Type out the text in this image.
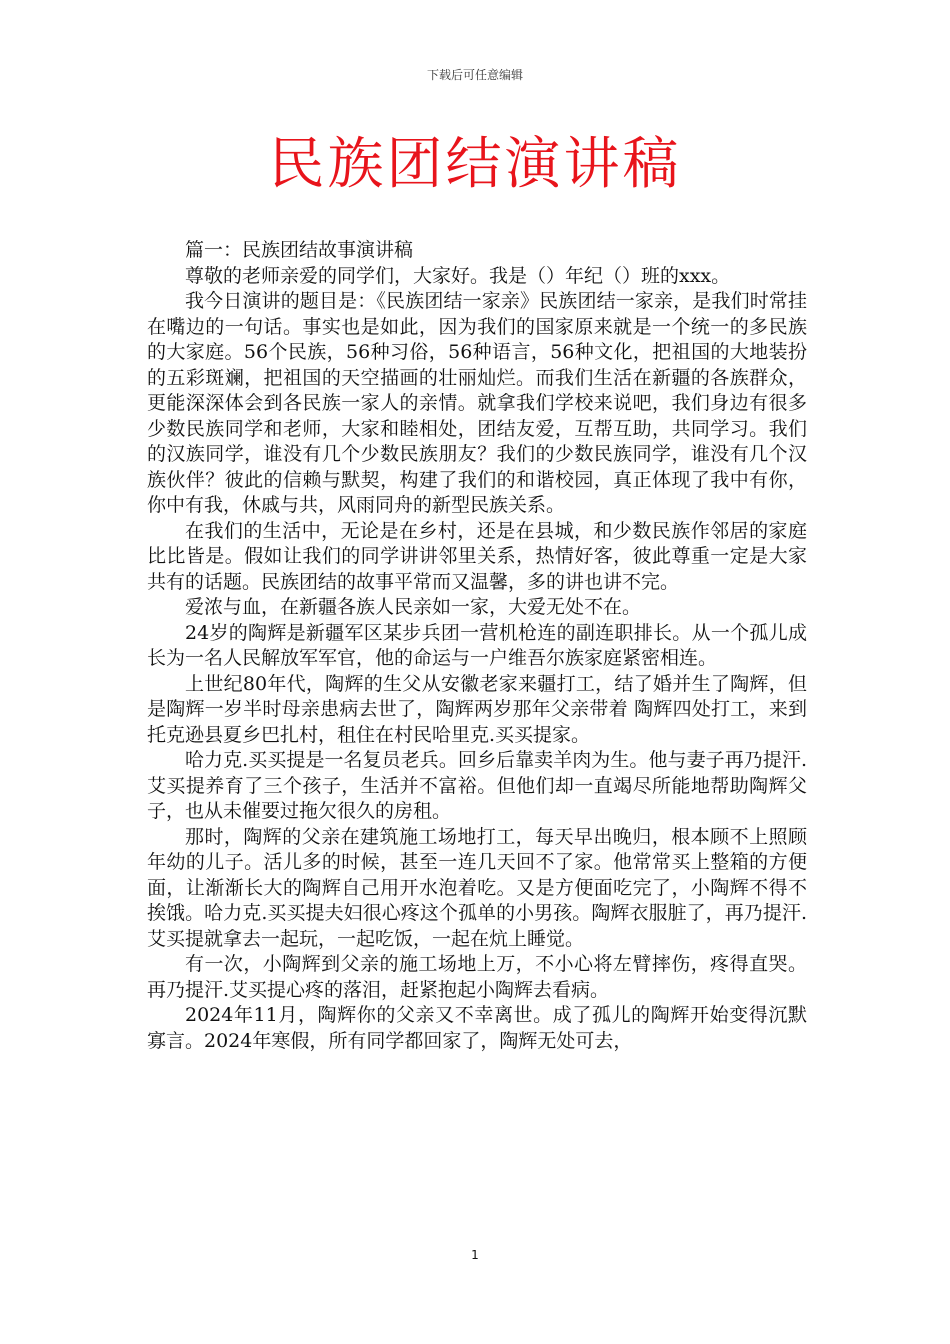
下载后可任意编辑
民族团结演讲稿

篇一：民族团结故事演讲稿

尊敬的老师亲爱的同学们，大家好。我是（）年纪（）班的xxx。

我今日演讲的题目是：《民族团结一家亲》民族团结一家亲，是我们时常挂在嘴边的一句话。事实也是如此，因为我们的国家原来就是一个统一的多民族的大家庭。56个民族，56种习俗，56种语言，56种文化，把祖国的大地装扮的五彩斑斓，把祖国的天空描画的壮丽灿烂。而我们生活在新疆的各族群众，更能深深体会到各民族一家人的亲情。就拿我们学校来说吧，我们身边有很多少数民族同学和老师，大家和睦相处，团结友爱，互帮互助，共同学习。我们的汉族同学，谁没有几个少数民族朋友？我们的少数民族同学，谁没有几个汉族伙伴？彼此的信赖与默契，构建了我们的和谐校园，真正体现了我中有你，你中有我，休戚与共，风雨同舟的新型民族关系。

在我们的生活中，无论是在乡村，还是在县城，和少数民族作邻居的家庭比比皆是。假如让我们的同学讲讲邻里关系，热情好客，彼此尊重一定是大家共有的话题。民族团结的故事平常而又温馨，多的讲也讲不完。

爱浓与血，在新疆各族人民亲如一家，大爱无处不在。

24岁的陶辉是新疆军区某步兵团一营机枪连的副连职排长。从一个孤儿成长为一名人民解放军军官，他的命运与一户维吾尔族家庭紧密相连。

上世纪80年代，陶辉的生父从安徽老家来疆打工，结了婚并生了陶辉，但是陶辉一岁半时母亲患病去世了，陶辉两岁那年父亲带着 陶辉四处打工，来到托克逊县夏乡巴扎村，租住在村民哈里克.买买提家。

哈力克.买买提是一名复员老兵。回乡后靠卖羊肉为生。他与妻子再乃提汗.艾买提养育了三个孩子，生活并不富裕。但他们却一直竭尽所能地帮助陶辉父子，也从未催要过拖欠很久的房租。

那时，陶辉的父亲在建筑施工场地打工，每天早出晚归，根本顾不上照顾年幼的儿子。活儿多的时候，甚至一连几天回不了家。他常常买上整箱的方便面，让渐渐长大的陶辉自己用开水泡着吃。又是方便面吃完了，小陶辉不得不挨饿。哈力克.买买提夫妇很心疼这个孤单的小男孩。陶辉衣服脏了，再乃提汗.艾买提就拿去一起玩，一起吃饭，一起在炕上睡觉。

有一次，小陶辉到父亲的施工场地上万，不小心将左臂摔伤，疼得直哭。再乃提汗.艾买提心疼的落泪，赶紧抱起小陶辉去看病。

2024年11月，陶辉你的父亲又不幸离世。成了孤儿的陶辉开始变得沉默寡言。2024年寒假，所有同学都回家了，陶辉无处可去，

1
